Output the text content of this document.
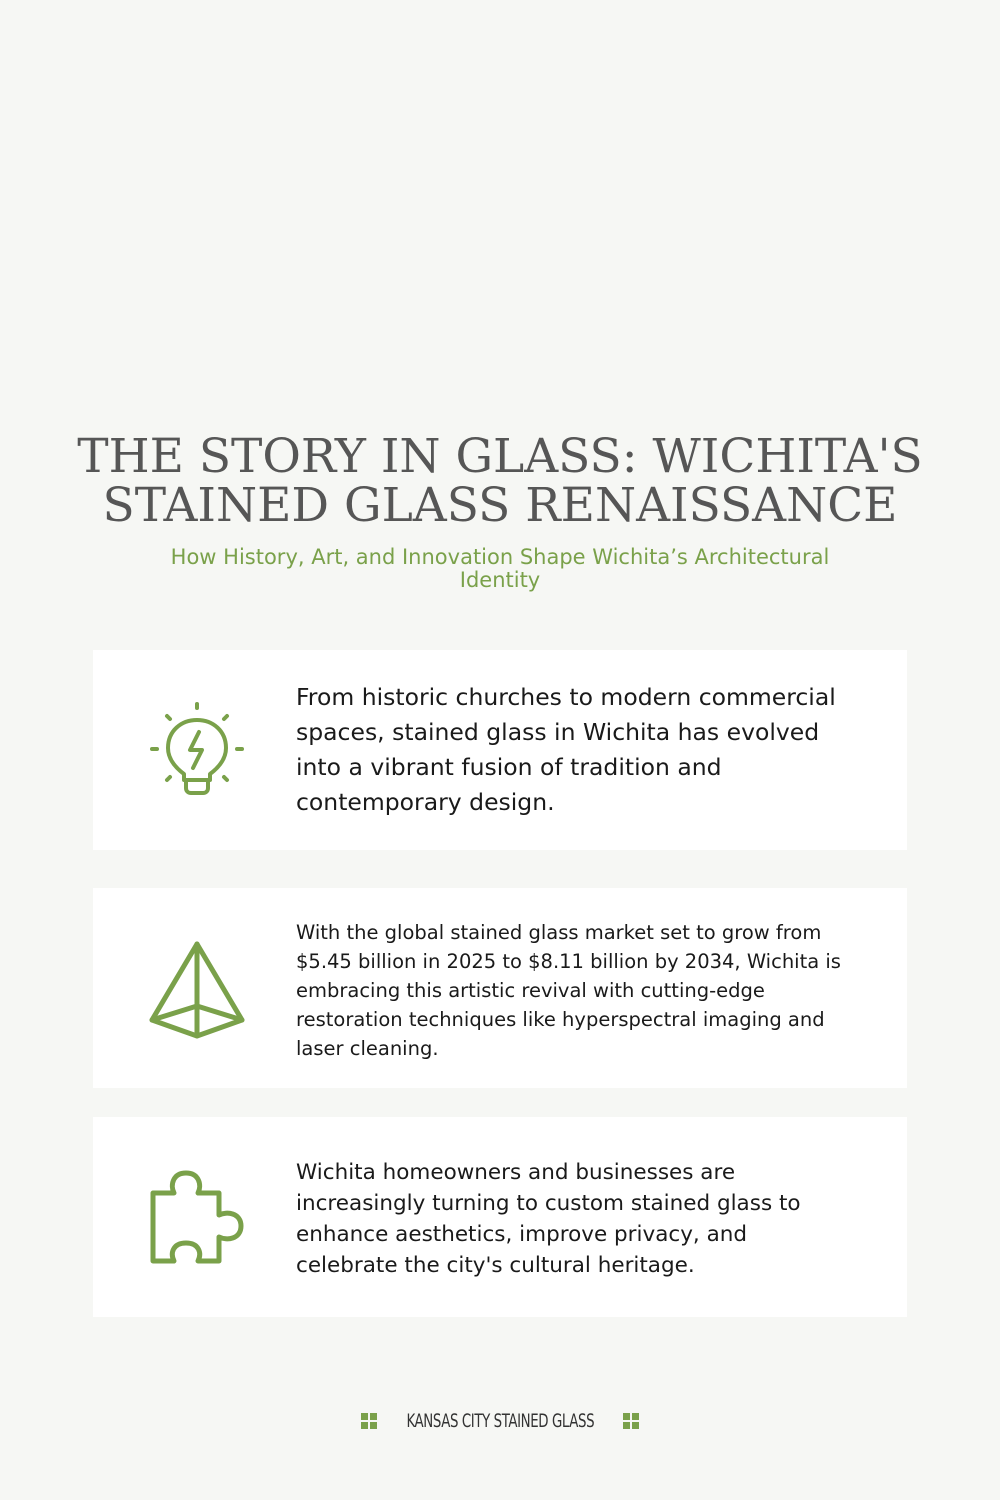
THE STORY IN GLASS: WICHITA'S STAINED GLASS RENAISSANCE

How History, Art, and Innovation Shape Wichita’s Architectural Identity

From historic churches to modern commercial spaces, stained glass in Wichita has evolved into a vibrant fusion of tradition and contemporary design.

With the global stained glass market set to grow from $5.45 billion in 2025 to $8.11 billion by 2034, Wichita is embracing this artistic revival with cutting-edge restoration techniques like hyperspectral imaging and laser cleaning.

Wichita homeowners and businesses are increasingly turning to custom stained glass to enhance aesthetics, improve privacy, and celebrate the city's cultural heritage.

KANSAS CITY STAINED GLASS
